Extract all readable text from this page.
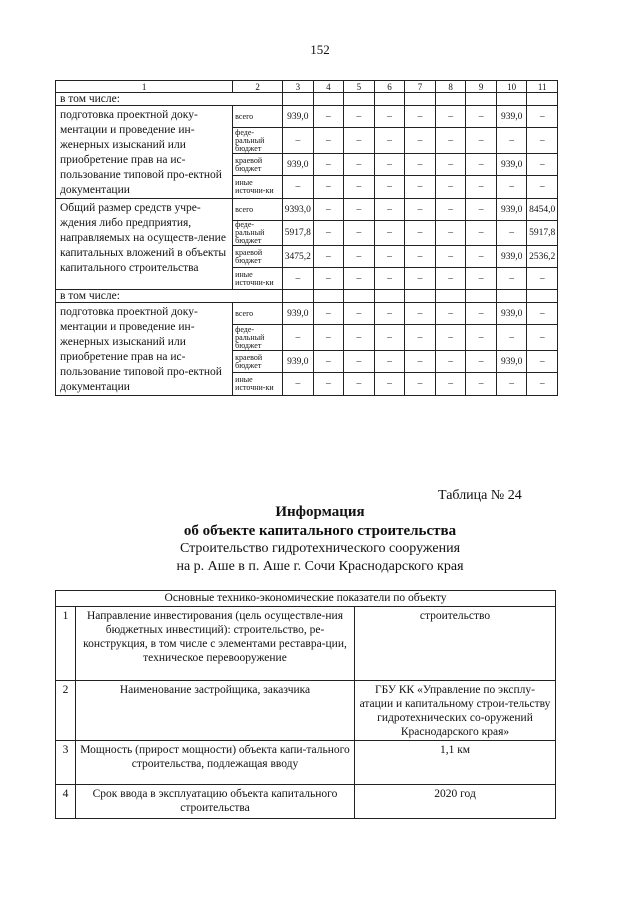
152
1	2	3	4	5	6	7	8	9	10	11
в том числе:										
подготовка проектной доку-ментации и проведение ин-женерных изысканий или приобретение прав на ис-пользование типовой про-ектной документации	всего	939,0	–	–	–	–	–	–	939,0	–
	феде-ральный бюджет	–	–	–	–	–	–	–	–	–
	краевой бюджет	939,0	–	–	–	–	–	–	939,0	–
	иные источни-ки	–	–	–	–	–	–	–	–	–
Общий размер средств учре-ждения либо предприятия, направляемых на осуществ-ление капитальных вложений в объекты капитального строительства	всего	9393,0	–	–	–	–	–	–	939,0	8454,0
	феде-ральный бюджет	5917,8	–	–	–	–	–	–	–	5917,8
	краевой бюджет	3475,2	–	–	–	–	–	–	939,0	2536,2
	иные источни-ки	–	–	–	–	–	–	–	–	–
в том числе:										
подготовка проектной доку-ментации и проведение ин-женерных изысканий или приобретение прав на ис-пользование типовой про-ектной документации	всего	939,0	–	–	–	–	–	–	939,0	–
	феде-ральный бюджет	–	–	–	–	–	–	–	–	–
	краевой бюджет	939,0	–	–	–	–	–	–	939,0	–
	иные источни-ки	–	–	–	–	–	–	–	–	–
Таблица № 24
Информация
об объекте капитального строительства
Строительство гидротехнического сооружения
на р. Аше в п. Аше г. Сочи Краснодарского края
Основные технико-экономические показатели по объекту		
1	Направление инвестирования (цель осуществле-ния бюджетных инвестиций): строительство, ре-конструкция, в том числе с элементами реставра-ции, техническое перевооружение	строительство
2	Наименование застройщика, заказчика	ГБУ КК «Управление по эксплу-атации и капитальному строи-тельству гидротехнических со-оружений Краснодарского края»
3	Мощность (прирост мощности) объекта капи-тального строительства, подлежащая вводу	1,1 км
4	Срок ввода в эксплуатацию объекта капитального строительства	2020 год
